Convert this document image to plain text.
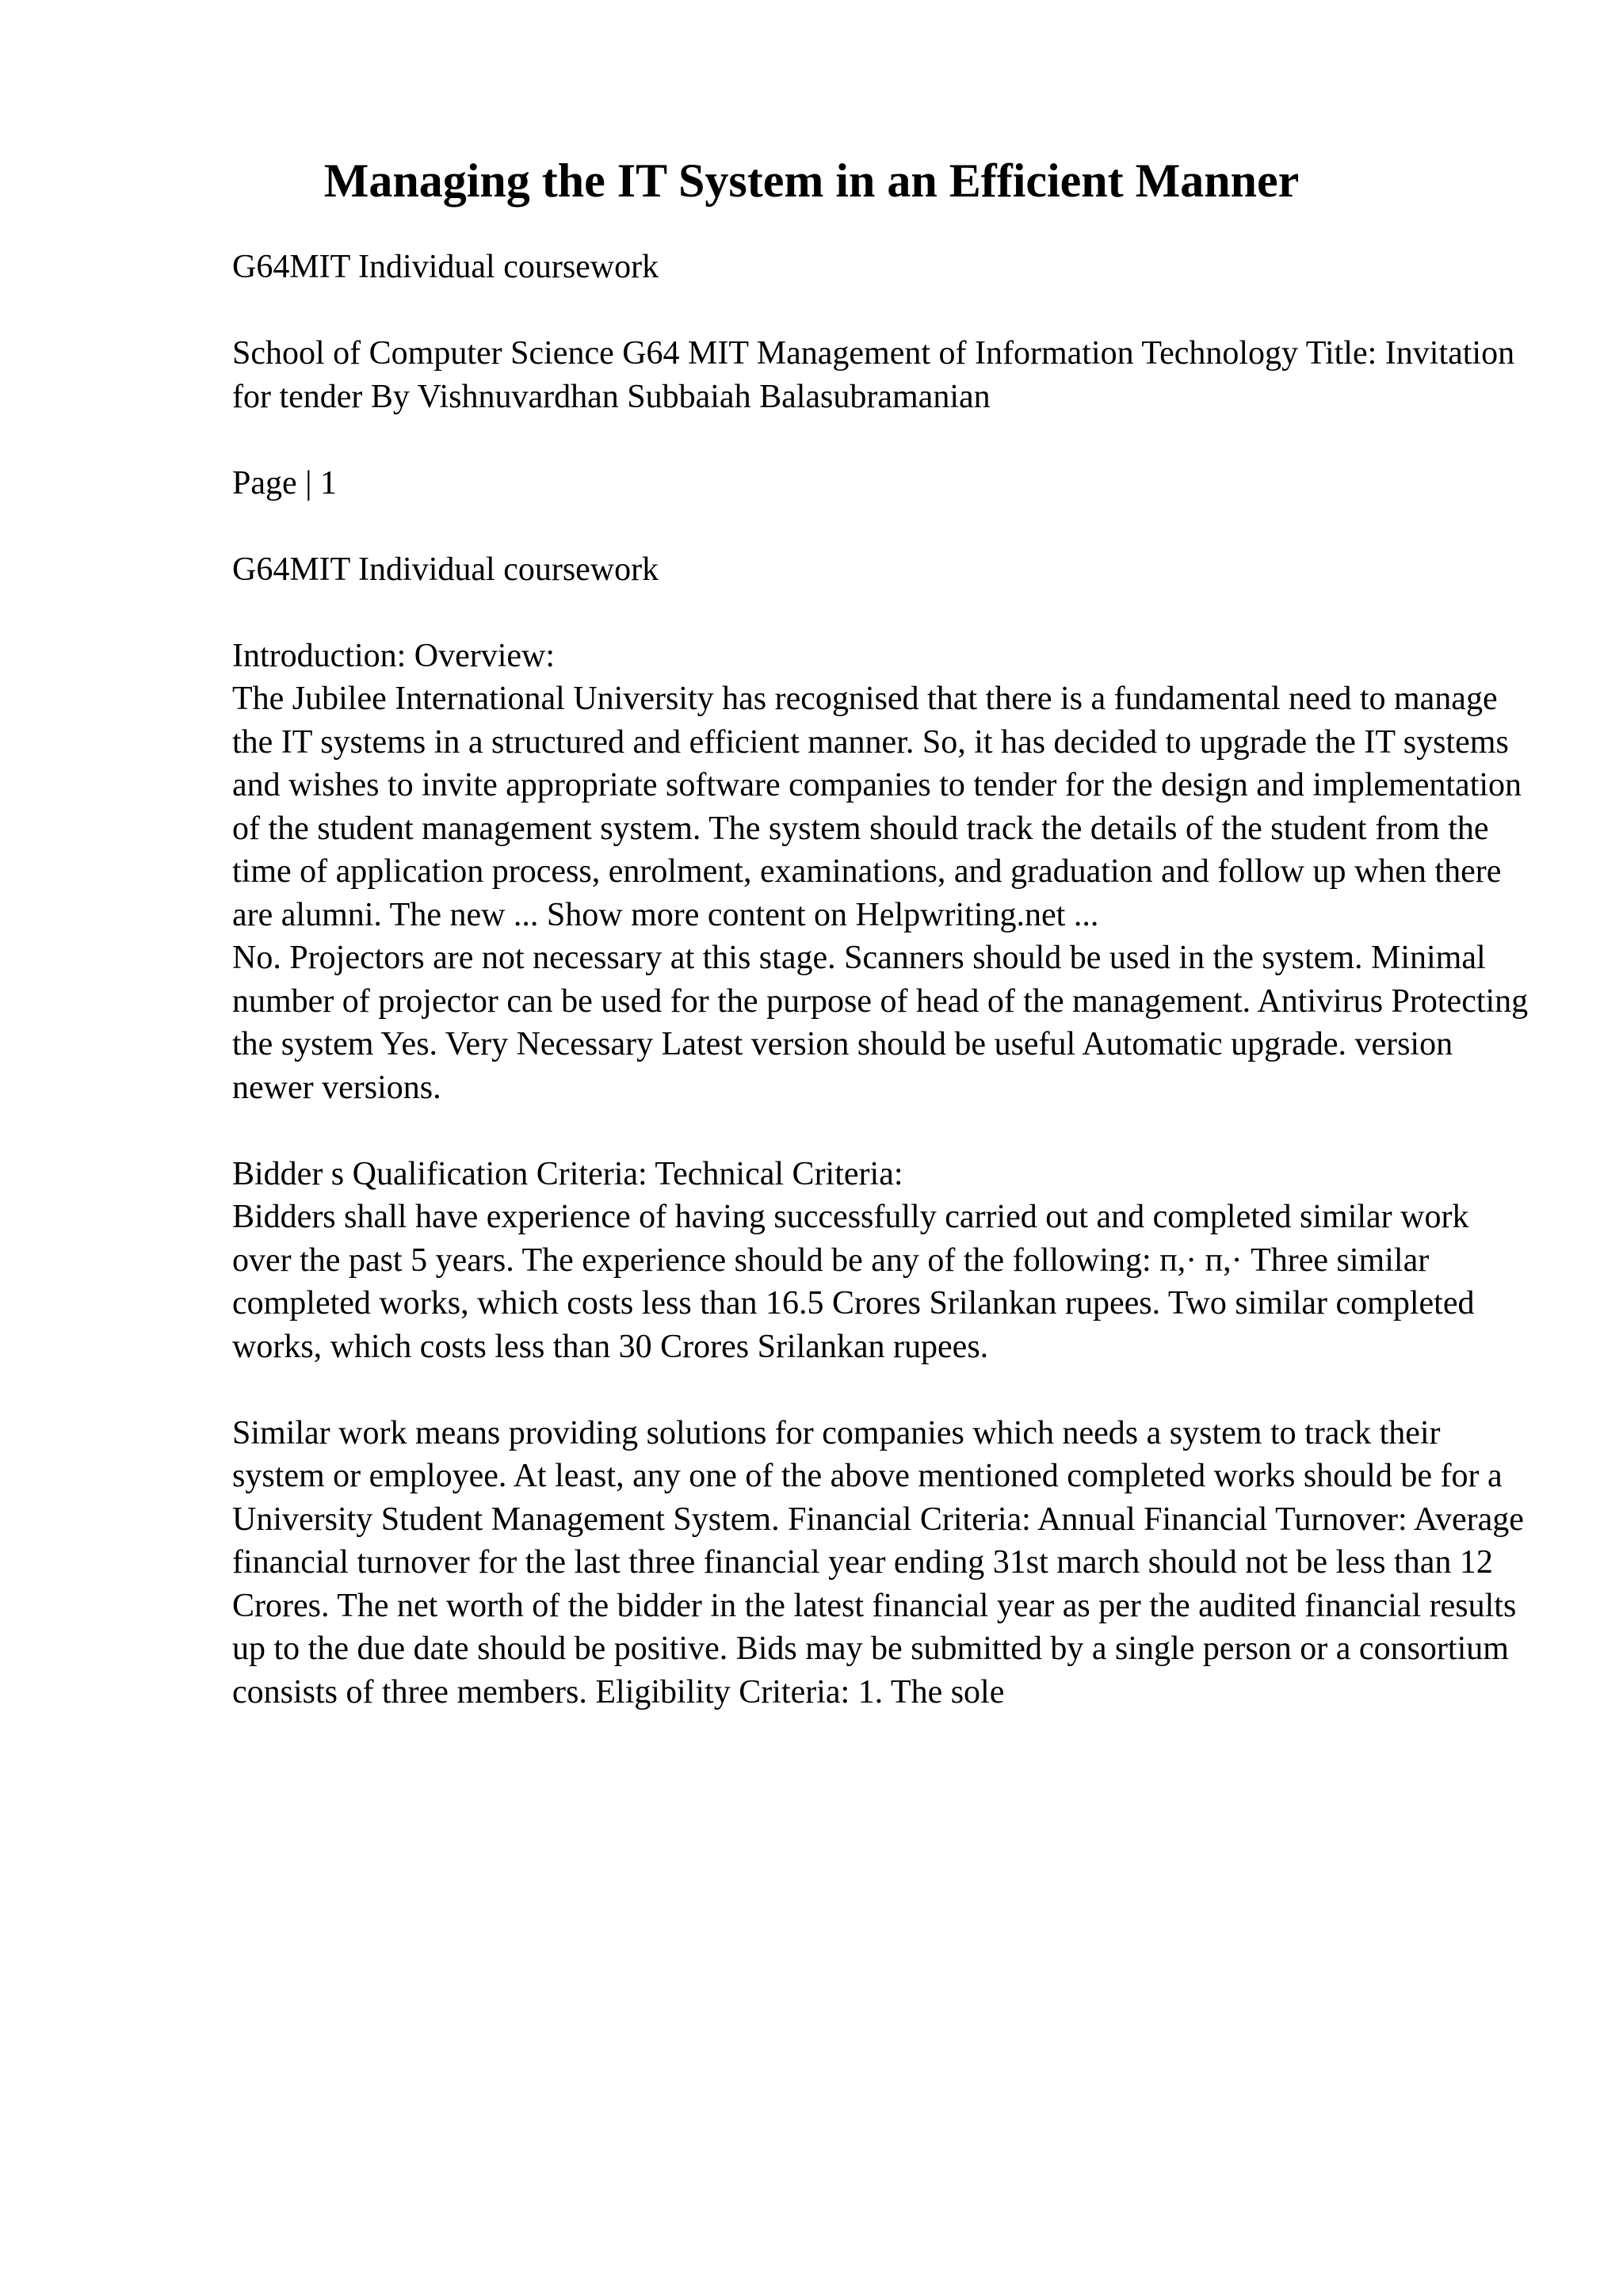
Managing the IT System in an Efficient Manner

G64MIT Individual coursework

School of Computer Science G64 MIT Management of Information Technology Title: Invitation for tender By Vishnuvardhan Subbaiah Balasubramanian

Page | 1

G64MIT Individual coursework

Introduction: Overview:

The Jubilee International University has recognised that there is a fundamental need to manage the IT systems in a structured and efficient manner. So, it has decided to upgrade the IT systems and wishes to invite appropriate software companies to tender for the design and implementation of the student management system. The system should track the details of the student from the time of application process, enrolment, examinations, and graduation and follow up when there are alumni. The new ... Show more content on Helpwriting.net ...

No. Projectors are not necessary at this stage. Scanners should be used in the system. Minimal number of projector can be used for the purpose of head of the management. Antivirus Protecting the system Yes. Very Necessary Latest version should be useful Automatic upgrade. version newer versions.

Bidder s Qualification Criteria: Technical Criteria:

Bidders shall have experience of having successfully carried out and completed similar work over the past 5 years. The experience should be any of the following: п,· п,· Three similar completed works, which costs less than 16.5 Crores Srilankan rupees. Two similar completed works, which costs less than 30 Crores Srilankan rupees.

Similar work means providing solutions for companies which needs a system to track their system or employee. At least, any one of the above mentioned completed works should be for a University Student Management System. Financial Criteria: Annual Financial Turnover: Average financial turnover for the last three financial year ending 31st march should not be less than 12 Crores. The net worth of the bidder in the latest financial year as per the audited financial results up to the due date should be positive. Bids may be submitted by a single person or a consortium consists of three members. Eligibility Criteria: 1. The sole
